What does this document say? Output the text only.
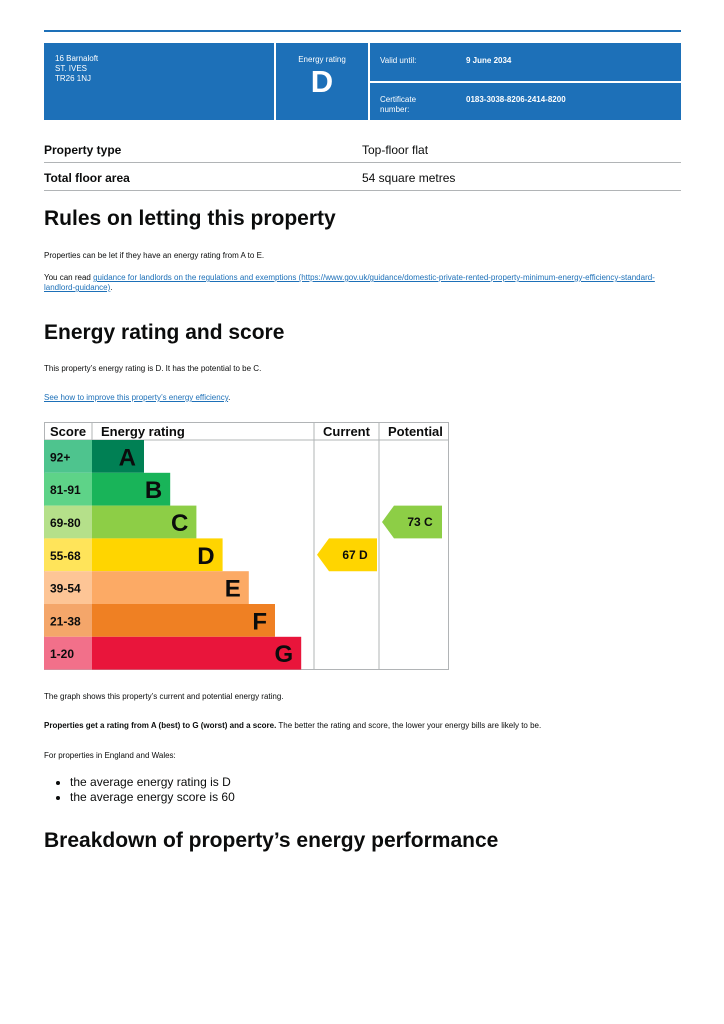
16 Barnaloft
ST. IVES
TR26 1NJ
Energy rating
D
Valid until:	9 June 2034
Certificate
number:
0183-3038-8206-2414-8200
Property type	Top-floor flat
Total floor area	54 square metres
Rules on letting this property

Properties can be let if they have an energy rating from A to E.

You can read guidance for landlords on the regulations and exemptions (https://www.gov.uk/guidance/domestic-private-rented-property-minimum-energy-efficiency-standard-landlord-guidance).

Energy rating and score

This property’s energy rating is D. It has the potential to be C.

See how to improve this property’s energy efficiency.

Score Energy rating	Current Potential
92+ A
81-91	B
69-80	C
55-68	D
39-54	E
21-38	F
1-20	G
67 D
73 C

The graph shows this property’s current and potential energy rating.

Properties get a rating from A (best) to G (worst) and a score. The better the rating and score, the lower your energy bills are likely to be.

For properties in England and Wales:

• the average energy rating is D
• the average energy score is 60
Breakdown of property’s energy performance
